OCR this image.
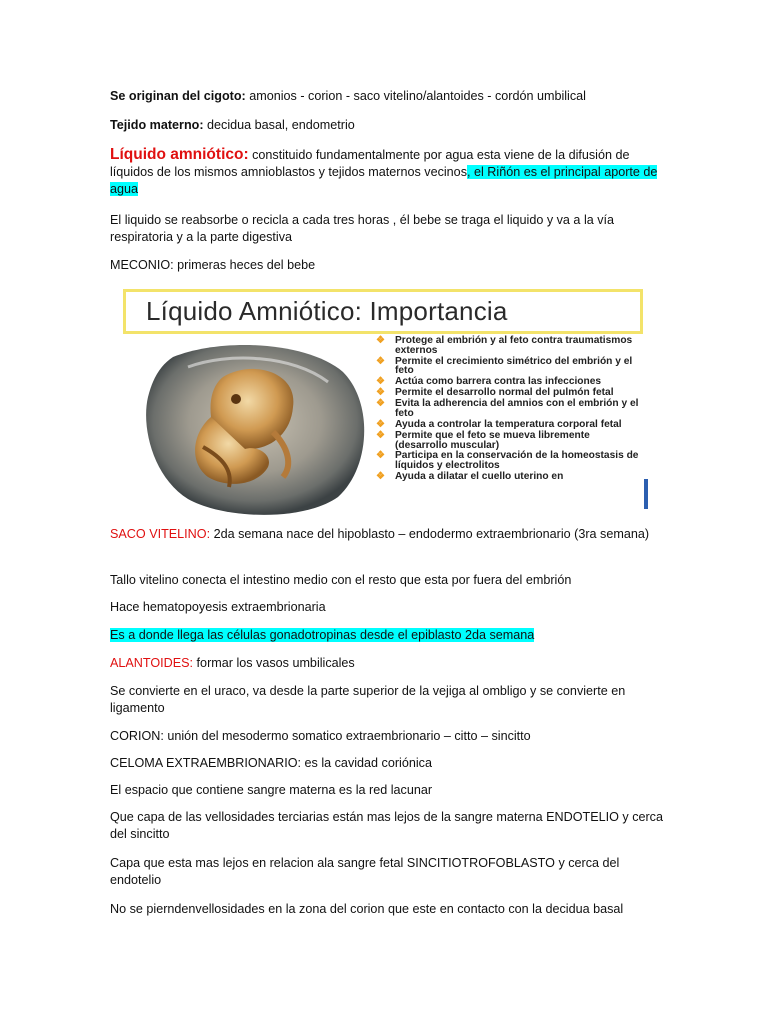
Se originan del cigoto: amonios - corion - saco vitelino/alantoides - cordón umbilical
Tejido materno: decidua basal, endometrio
Líquido amniótico: constituido fundamentalmente por agua esta viene de la difusión de líquidos de los mismos amnioblastos y tejidos maternos vecinos, el Riñón es el principal aporte de agua
El liquido se reabsorbe o recicla a cada tres horas , él bebe se traga el liquido y va a la vía respiratoria y a la parte digestiva
MECONIO: primeras heces del bebe
Líquido Amniótico: Importancia
❖ Protege al embrión y al feto contra traumatismos externos
❖ Permite el crecimiento simétrico del embrión y el feto
❖ Actúa como barrera contra las infecciones
❖ Permite el desarrollo normal del pulmón fetal
❖ Evita la adherencia del amnios con el embrión y el feto
❖ Ayuda a controlar la temperatura corporal fetal
❖ Permite que el feto se mueva libremente (desarrollo muscular)
❖ Participa en la conservación de la homeostasis de líquidos y electrolitos
❖ Ayuda a dilatar el cuello uterino en
SACO VITELINO: 2da semana nace del hipoblasto – endodermo extraembrionario (3ra semana)
Tallo vitelino conecta el intestino medio con el resto que esta por fuera del embrión
Hace hematopoyesis extraembrionaria
Es a donde llega las células gonadotropinas desde el epiblasto 2da semana
ALANTOIDES: formar los vasos umbilicales
Se convierte en el uraco, va desde la parte superior de la vejiga al ombligo y se convierte en ligamento
CORION: unión del mesodermo somatico extraembrionario – citto – sincitto
CELOMA EXTRAEMBRIONARIO: es la cavidad coriónica
El espacio que contiene sangre materna es la red lacunar
Que capa de las vellosidades terciarias están mas lejos de la sangre materna ENDOTELIO y cerca del sincitto
Capa que esta mas lejos en relacion ala sangre fetal SINCITIOTROFOBLASTO y cerca del endotelio
No se pierndenvellosidades en la zona del corion que este en contacto con la decidua basal
